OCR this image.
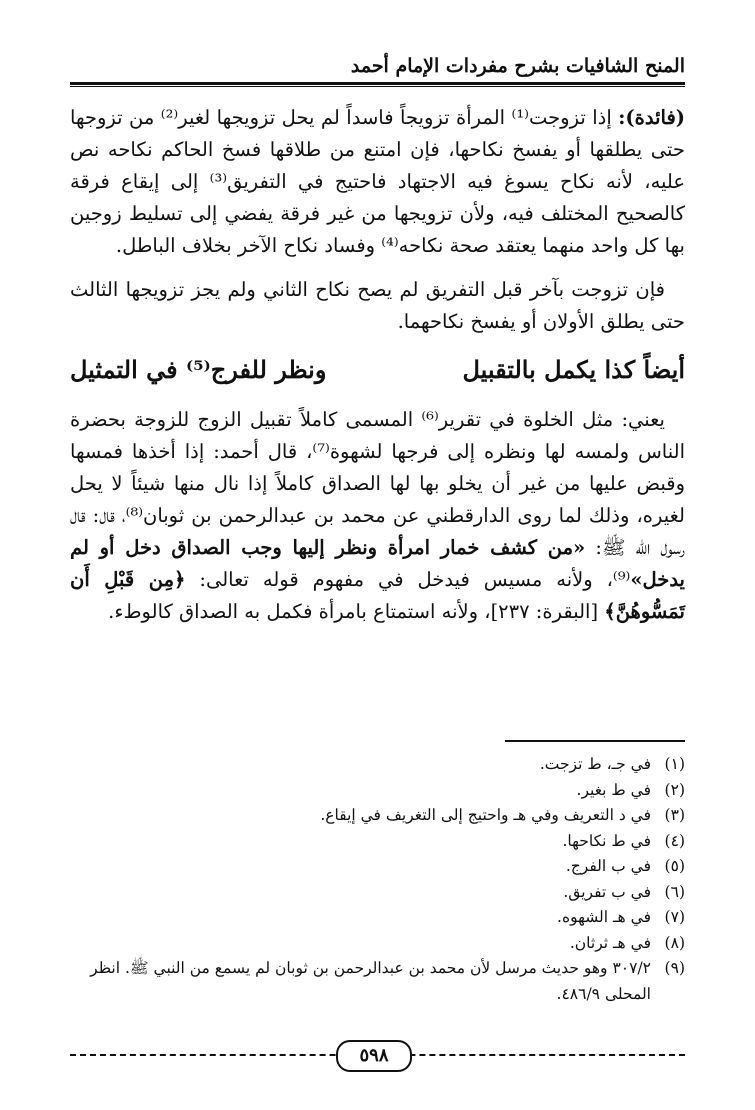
المنح الشافيات بشرح مفردات الإمام أحمد

(فائدة): إذا تزوجت⁽¹⁾ المرأة تزويجاً فاسداً لم يحل تزويجها لغير⁽²⁾ من تزوجها حتى يطلقها أو يفسخ نكاحها، فإن امتنع من طلاقها فسخ الحاكم نكاحه نص عليه، لأنه نكاح يسوغ فيه الاجتهاد فاحتيج في التفريق⁽³⁾ إلى إيقاع فرقة كالصحيح المختلف فيه، ولأن تزويجها من غير فرقة يفضي إلى تسليط زوجين بها كل واحد منهما يعتقد صحة نكاحه⁽⁴⁾ وفساد نكاح الآخر بخلاف الباطل.

فإن تزوجت بآخر قبل التفريق لم يصح نكاح الثاني ولم يجز تزويجها الثالث حتى يطلق الأولان أو يفسخ نكاحهما.

أيضاً كذا يكمل بالتقبيل
ونظر للفرج⁽⁵⁾ في التمثيل

يعني: مثل الخلوة في تقرير⁽⁶⁾ المسمى كاملاً تقبيل الزوج للزوجة بحضرة الناس ولمسه لها ونظره إلى فرجها لشهوة⁽⁷⁾، قال أحمد: إذا أخذها فمسها وقبض عليها من غير أن يخلو بها لها الصداق كاملاً إذا نال منها شيئاً لا يحل لغيره، وذلك لما روى الدارقطني عن محمد بن عبدالرحمن بن ثوبان⁽⁸⁾، قال: قال رسول الله ﷺ: «من كشف خمار امرأة ونظر إليها وجب الصداق دخل أو لم يدخل»⁽⁹⁾، ولأنه مسيس فيدخل في مفهوم قوله تعالى: ﴿مِن قَبْلِ أَن تَمَسُّوهُنَّ﴾ [البقرة: ٢٣٧]، ولأنه استمتاع بامرأة فكمل به الصداق كالوطء.

(١)
في جـ، ط تزجت.
(٢)
في ط بغير.
(٣)
في د التعريف وفي هـ واحتيج إلى التغريف في إيقاع.
(٤)
في ط نكاحها.
(٥)
في ب الفرج.
(٦)
في ب تفريق.
(٧)
في هـ الشهوه.
(٨)
في هـ ثرثان.
(٩)
٣٠٧/٢ وهو حديث مرسل لأن محمد بن عبدالرحمن بن ثوبان لم يسمع من النبي ﷺ. انظر المحلى ٤٨٦/٩.
٥٩٨
